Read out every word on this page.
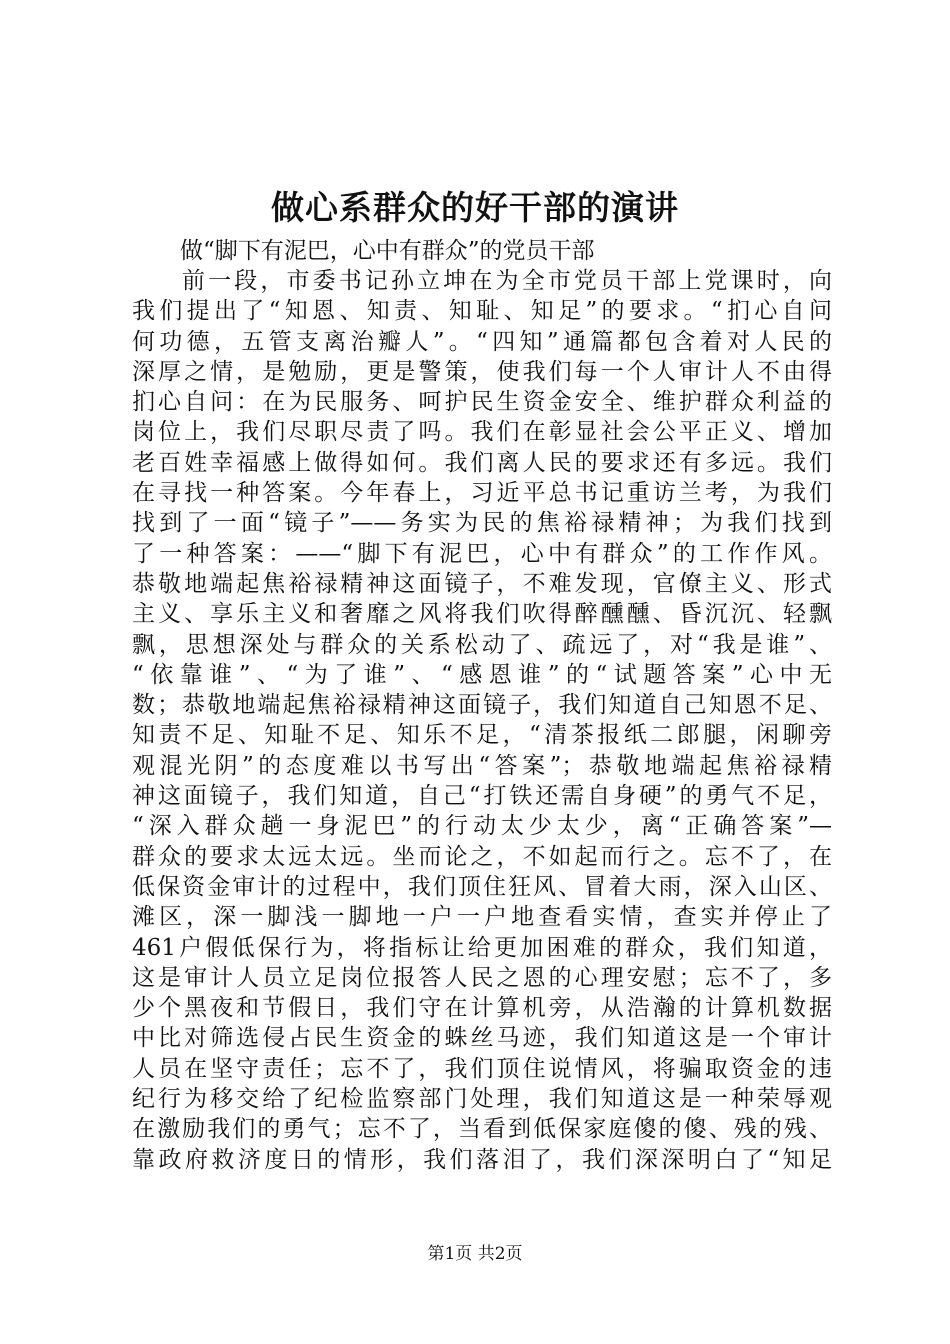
做心系群众的好干部的演讲

做“脚下有泥巴，心中有群众”的党员干部

前一段，市委书记孙立坤在为全市党员干部上党课时，向
我们提出了“知恩、知责、知耻、知足”的要求。“扪心自问
何功德，五管支离治瓣人”。“四知”通篇都包含着对人民的
深厚之情，是勉励，更是警策，使我们每一个人审计人不由得
扪心自问：在为民服务、呵护民生资金安全、维护群众利益的
岗位上，我们尽职尽责了吗。我们在彰显社会公平正义、增加
老百姓幸福感上做得如何。我们离人民的要求还有多远。我们
在寻找一种答案。今年春上，习近平总书记重访兰考，为我们
找到了一面“镜子”——务实为民的焦裕禄精神；为我们找到
了一种答案：——“脚下有泥巴，心中有群众”的工作作风。
恭敬地端起焦裕禄精神这面镜子，不难发现，官僚主义、形式
主义、享乐主义和奢靡之风将我们吹得醉醺醺、昏沉沉、轻飘
飘，思想深处与群众的关系松动了、疏远了，对“我是谁”、
“依靠谁”、“为了谁”、“感恩谁”的“试题答案”心中无
数；恭敬地端起焦裕禄精神这面镜子，我们知道自己知恩不足、
知责不足、知耻不足、知乐不足，“清茶报纸二郎腿，闲聊旁
观混光阴”的态度难以书写出“答案”；恭敬地端起焦裕禄精
神这面镜子，我们知道，自己“打铁还需自身硬”的勇气不足，
“深入群众趟一身泥巴”的行动太少太少，离“正确答案”—
群众的要求太远太远。坐而论之，不如起而行之。忘不了，在
低保资金审计的过程中，我们顶住狂风、冒着大雨，深入山区、
滩区，深一脚浅一脚地一户一户地查看实情，查实并停止了
461户假低保行为，将指标让给更加困难的群众，我们知道，
这是审计人员立足岗位报答人民之恩的心理安慰；忘不了，多
少个黑夜和节假日，我们守在计算机旁，从浩瀚的计算机数据
中比对筛选侵占民生资金的蛛丝马迹，我们知道这是一个审计
人员在坚守责任；忘不了，我们顶住说情风，将骗取资金的违
纪行为移交给了纪检监察部门处理，我们知道这是一种荣辱观
在激励我们的勇气；忘不了，当看到低保家庭傻的傻、残的残、
靠政府救济度日的情形，我们落泪了，我们深深明白了“知足
第1页 共2页
